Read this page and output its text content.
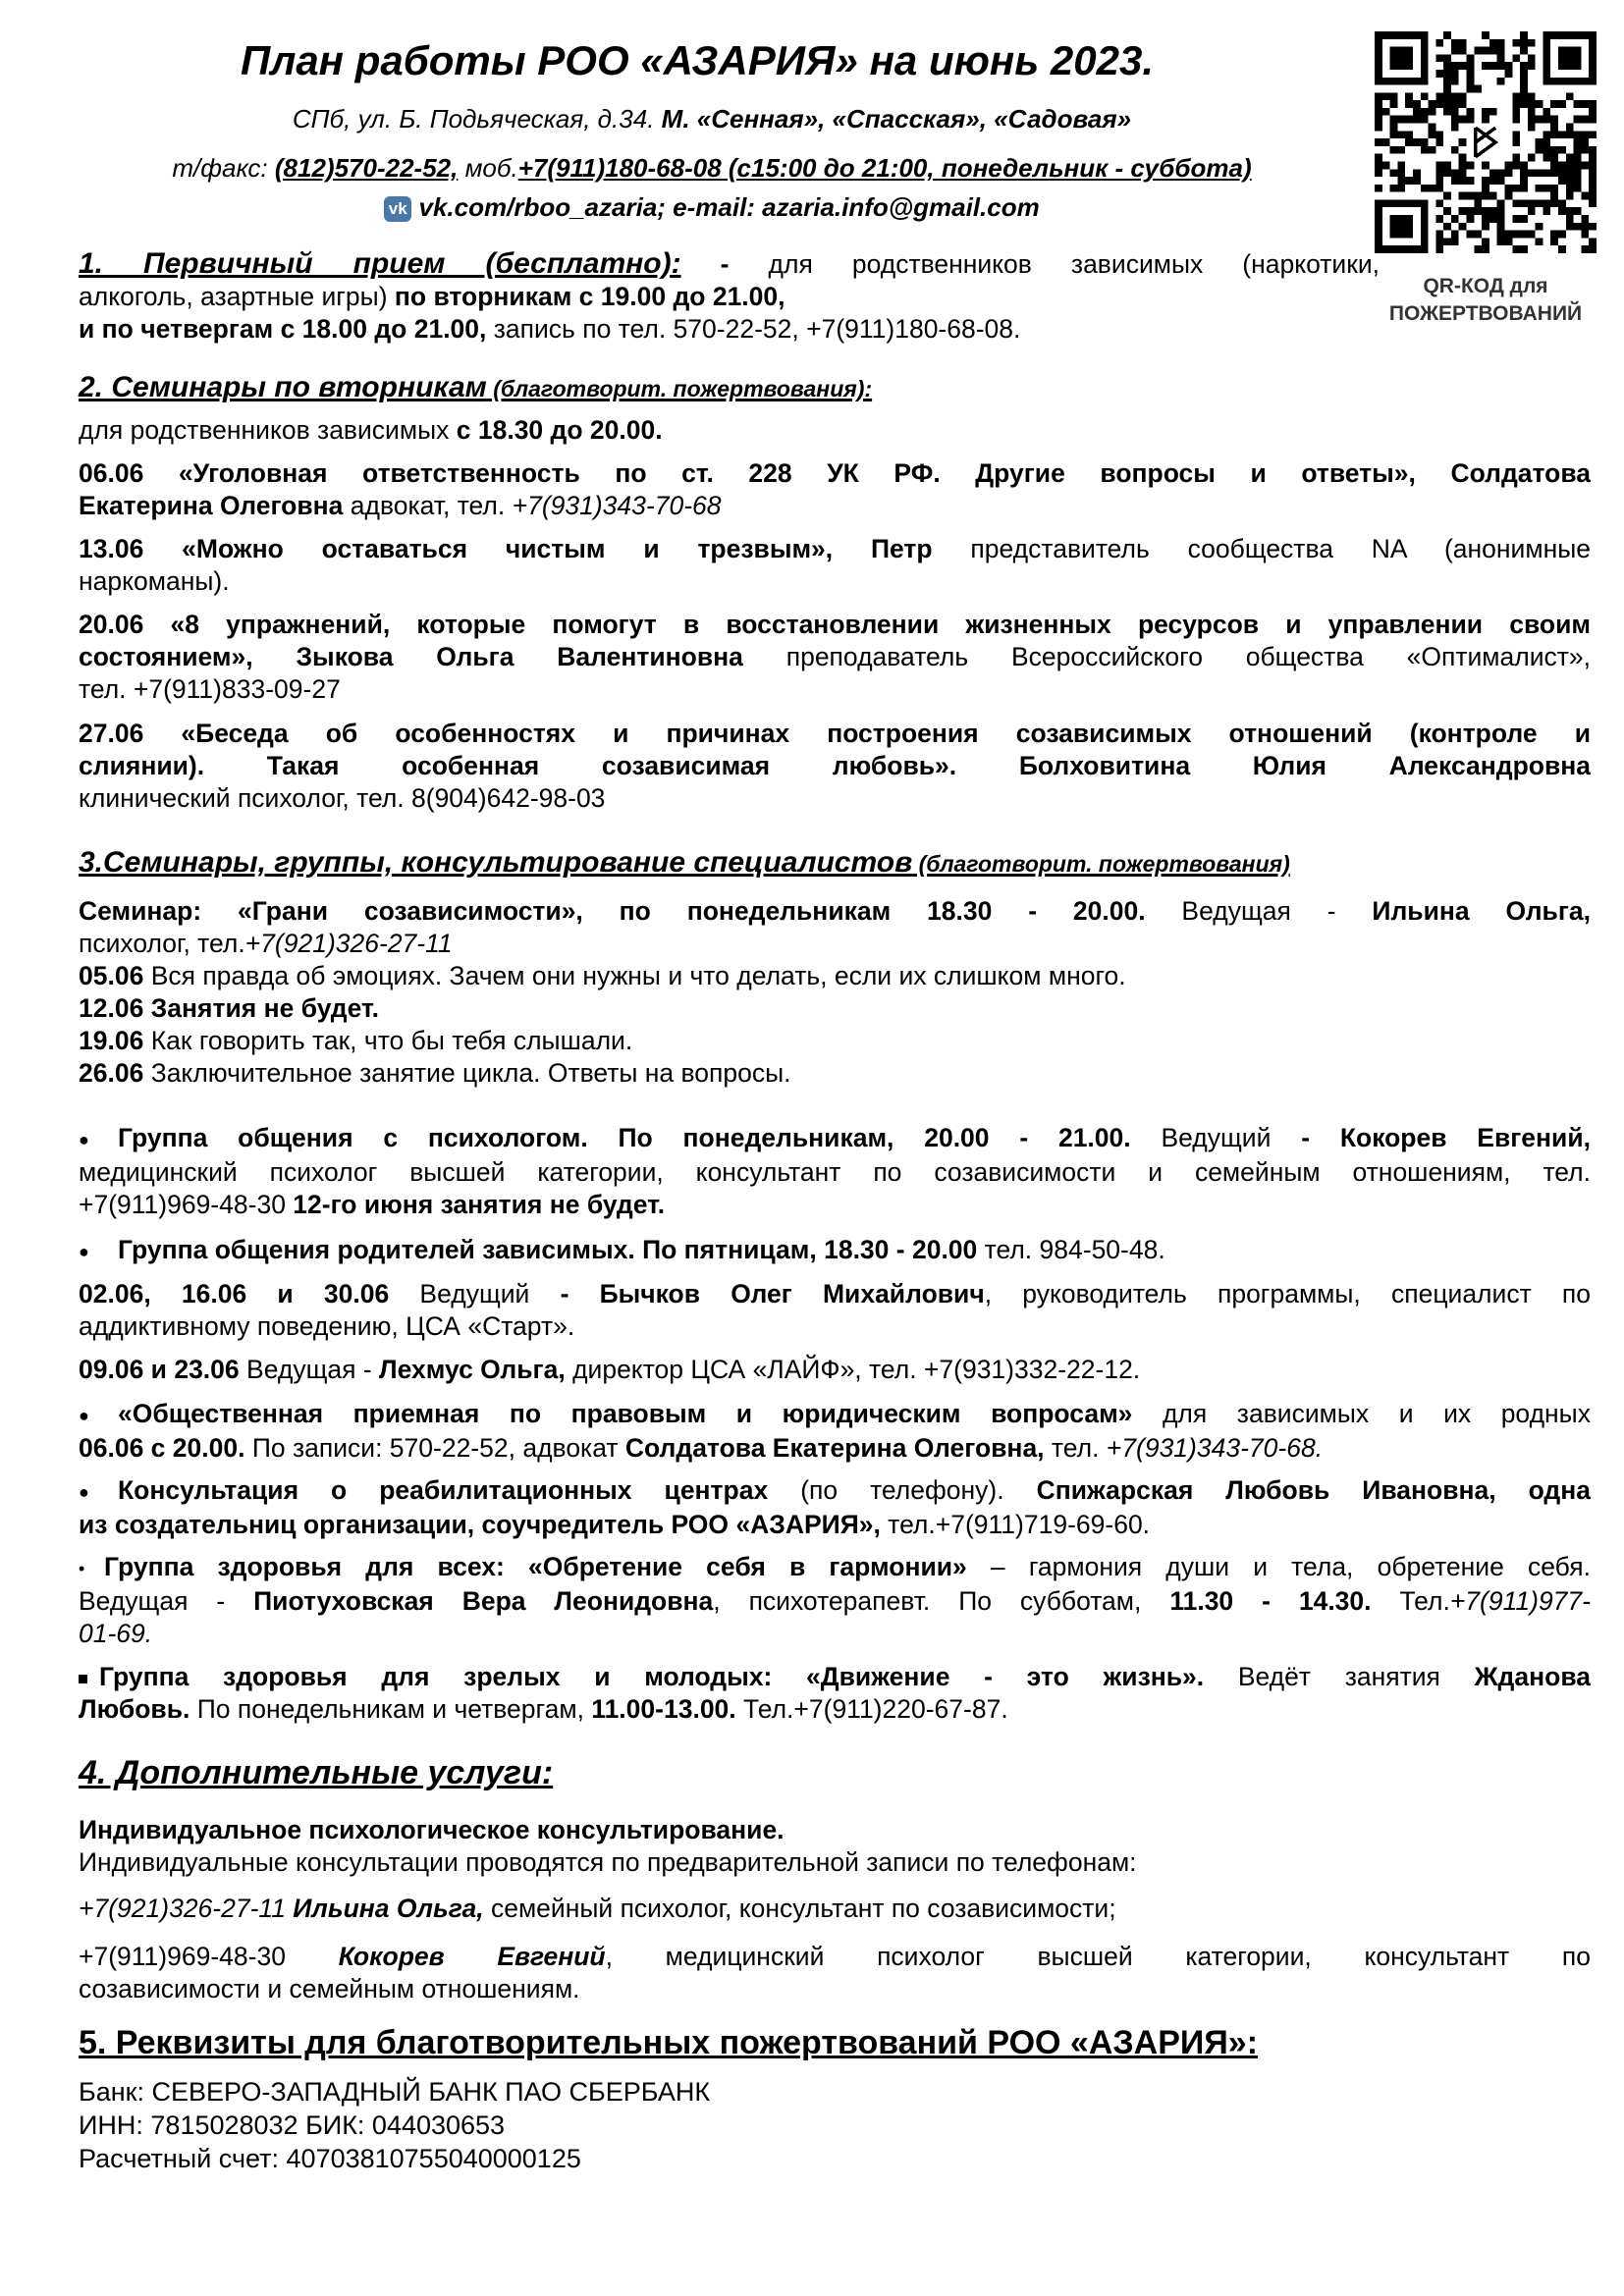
План работы РОО «АЗАРИЯ» на июнь 2023.
СПб, ул. Б. Подьяческая, д.34. М. «Сенная», «Спасская», «Садовая»
т/факс: (812)570-22-52, моб.+7(911)180-68-08 (с15:00 до 21:00, понедельник - суббота)
vk vk.com/rboo_azaria; e-mail: azaria.info@gmail.com
QR-КОД для
ПОЖЕРТВОВАНИЙ
1. Первичный прием (бесплатно): - для родственников зависимых (наркотики,
алкоголь, азартные игры) по вторникам с 19.00 до 21.00,
и по четвергам с 18.00 до 21.00, запись по тел. 570-22-52, +7(911)180-68-08.
2. Семинары по вторникам (благотворит. пожертвования):
для родственников зависимых с 18.30 до 20.00.
06.06 «Уголовная ответственность по ст. 228 УК РФ. Другие вопросы и ответы», Солдатова
Екатерина Олеговна адвокат, тел. +7(931)343-70-68
13.06 «Можно оставаться чистым и трезвым», Петр представитель сообщества NA (анонимные
наркоманы).
20.06 «8 упражнений, которые помогут в восстановлении жизненных ресурсов и управлении своим
состоянием», Зыкова Ольга Валентиновна преподаватель Всероссийского общества «Оптималист»,
тел. +7(911)833-09-27
27.06 «Беседа об особенностях и причинах построения созависимых отношений (контроле и
слиянии). Такая особенная созависимая любовь». Болховитина Юлия Александровна
клинический психолог, тел. 8(904)642-98-03
3.Семинары, группы, консультирование специалистов (благотворит. пожертвования)
Семинар: «Грани созависимости», по понедельникам 18.30 - 20.00. Ведущая - Ильина Ольга,
психолог, тел.+7(921)326-27-11
05.06 Вся правда об эмоциях. Зачем они нужны и что делать, если их слишком много.
12.06 Занятия не будет.
19.06 Как говорить так, что бы тебя слышали.
26.06 Заключительное занятие цикла. Ответы на вопросы.
● Группа общения с психологом. По понедельникам, 20.00 - 21.00. Ведущий - Кокорев Евгений,
медицинский психолог высшей категории, консультант по созависимости и семейным отношениям, тел.
+7(911)969-48-30 12-го июня занятия не будет.
● Группа общения родителей зависимых. По пятницам, 18.30 - 20.00 тел. 984-50-48.
02.06, 16.06 и 30.06 Ведущий - Бычков Олег Михайлович, руководитель программы, специалист по
аддиктивному поведению, ЦСА «Старт».
09.06 и 23.06 Ведущая - Лехмус Ольга, директор ЦСА «ЛАЙФ», тел. +7(931)332-22-12.
● «Общественная приемная по правовым и юридическим вопросам» для зависимых и их родных
06.06 с 20.00. По записи: 570-22-52, адвокат Солдатова Екатерина Олеговна, тел. +7(931)343-70-68.
● Консультация о реабилитационных центрах (по телефону). Спижарская Любовь Ивановна, одна
из создательниц организации, соучредитель РОО «АЗАРИЯ», тел.+7(911)719-69-60.
• Группа здоровья для всех: «Обретение себя в гармонии» – гармония души и тела, обретение себя.
Ведущая - Пиотуховская Вера Леонидовна, психотерапевт. По субботам, 11.30 - 14.30. Тел.+7(911)977-
01-69.
Группа здоровья для зрелых и молодых: «Движение - это жизнь». Ведёт занятия Жданова
Любовь. По понедельникам и четвергам, 11.00-13.00. Тел.+7(911)220-67-87.
4. Дополнительные услуги:
Индивидуальное психологическое консультирование.
Индивидуальные консультации проводятся по предварительной записи по телефонам:
+7(921)326-27-11 Ильина Ольга, семейный психолог, консультант по созависимости;
+7(911)969-48-30 Кокорев Евгений, медицинский психолог высшей категории, консультант по
созависимости и семейным отношениям.
5. Реквизиты для благотворительных пожертвований РОО «АЗАРИЯ»:
Банк: СЕВЕРО-ЗАПАДНЫЙ БАНК ПАО СБЕРБАНК
ИНН: 7815028032 БИК: 044030653
Расчетный счет: 40703810755040000125
